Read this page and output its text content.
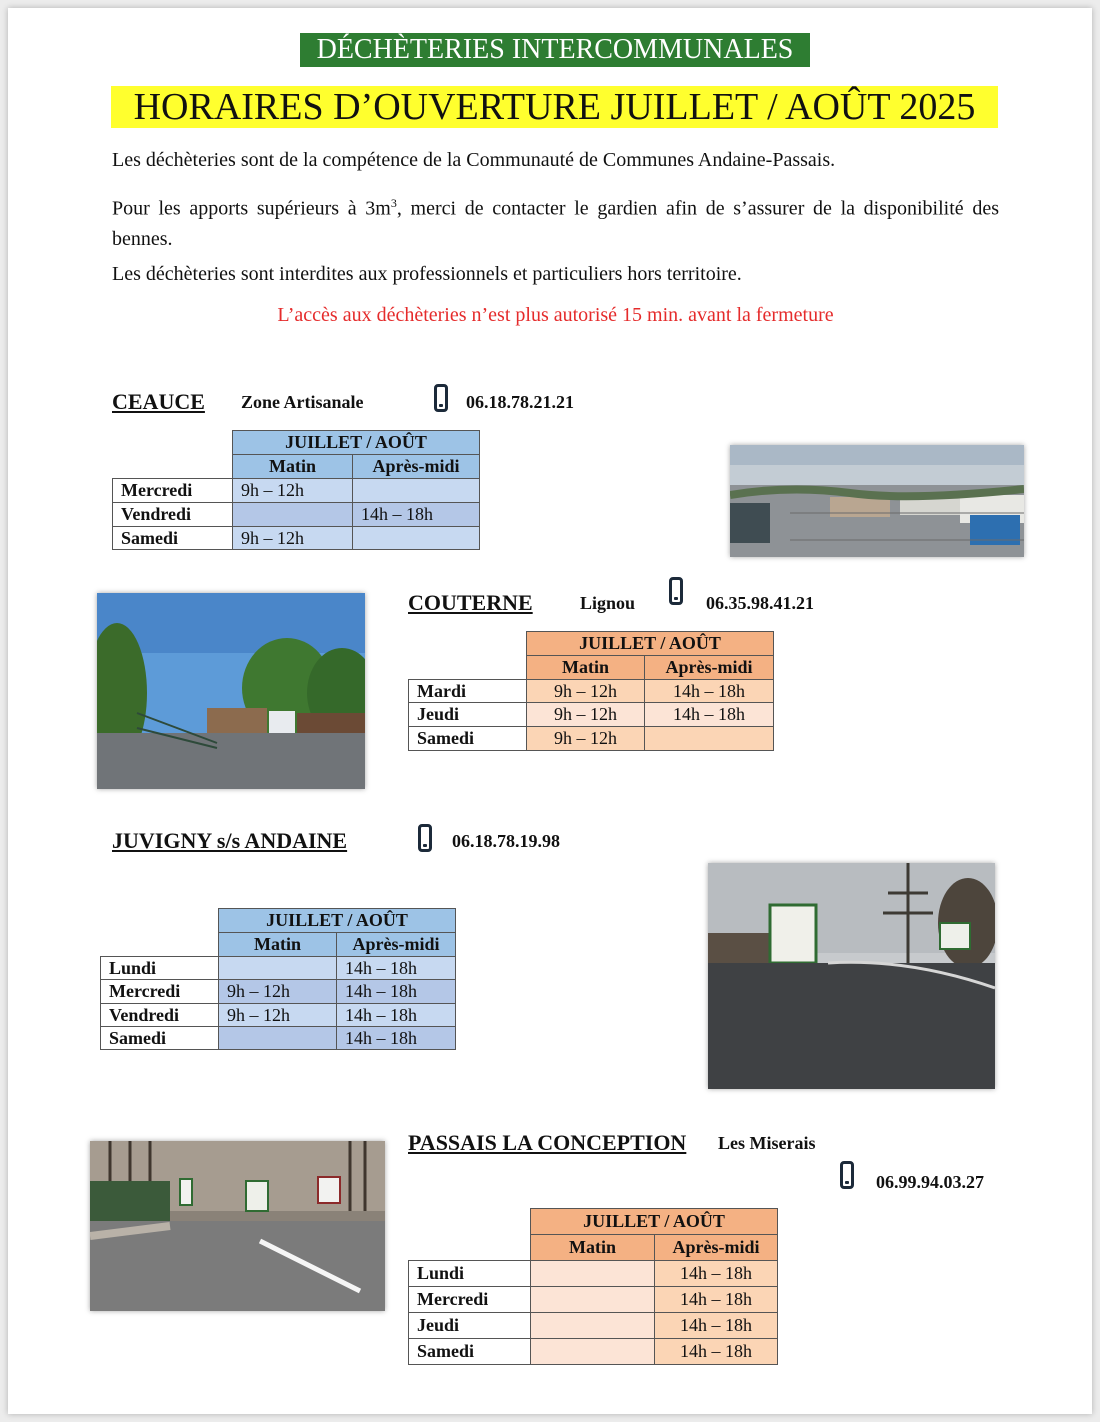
DÉCHÈTERIES INTERCOMMUNALES
HORAIRES D’OUVERTURE JUILLET / AOÛT 2025
Les déchèteries sont de la compétence de la Communauté de Communes Andaine-Passais.
Pour les apports supérieurs à $3m^3$, merci de contacter le gardien afin de s’assurer de la disponibilité des bennes.
Les déchèteries sont interdites aux professionnels et particuliers hors territoire.
L’accès aux déchèteries n’est plus autorisé 15 min. avant la fermeture
CEAUCE Zone Artisanale	06.18.78.21.21
	JUILLET / AOÛT	
	Matin	Après-midi
Mercredi	9h – 12h	
Vendredi		14h – 18h
Samedi	9h – 12h	
COUTERNE	Lignou	06.35.98.41.21
	JUILLET / AOÛT	
	Matin	Après-midi
Mardi	9h – 12h	14h – 18h
Jeudi	9h – 12h	14h – 18h
Samedi	9h – 12h	
JUVIGNY s/s ANDAINE	06.18.78.19.98
	JUILLET / AOÛT	
	Matin	Après-midi
Lundi		14h – 18h
Mercredi	9h – 12h	14h – 18h
Vendredi	9h – 12h	14h – 18h
Samedi		14h – 18h
PASSAIS LA CONCEPTION Les Miserais
06.99.94.03.27
	JUILLET / AOÛT	
	Matin	Après-midi
Lundi		14h – 18h
Mercredi		14h – 18h
Jeudi		14h – 18h
Samedi		14h – 18h
